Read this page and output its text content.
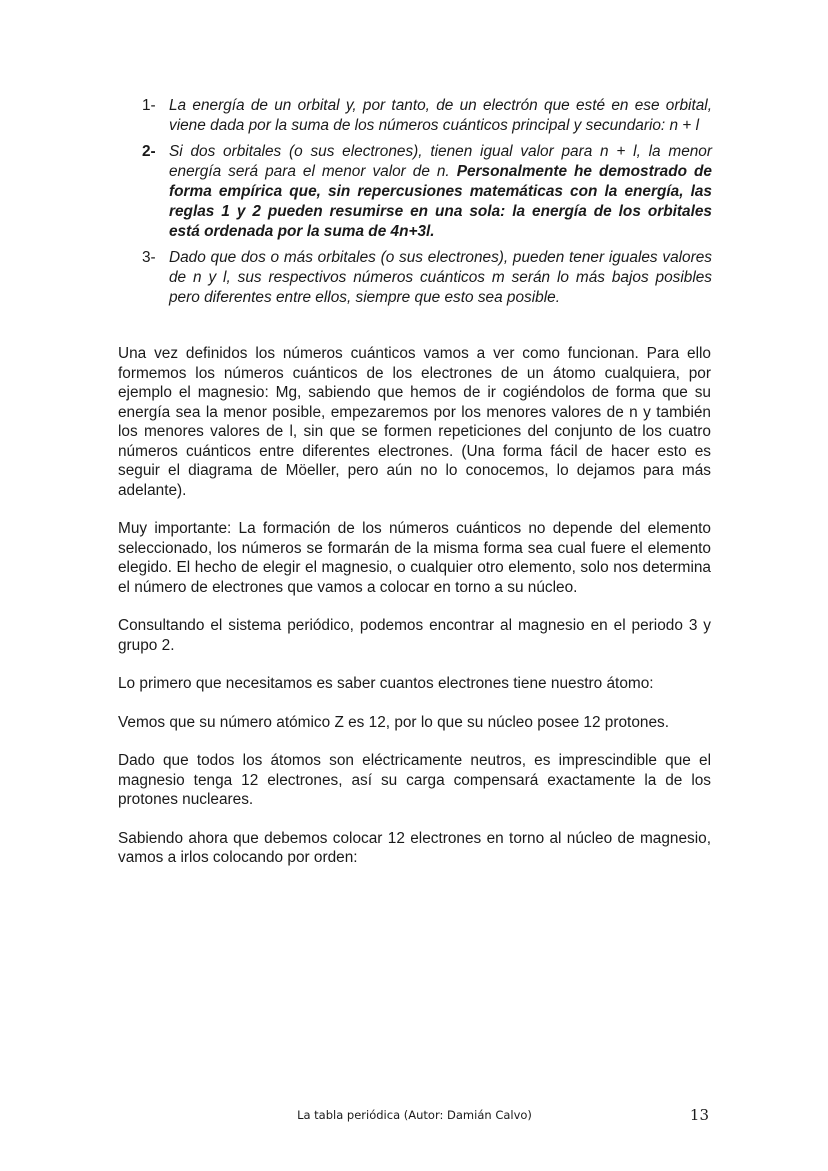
1- La energía de un orbital y, por tanto, de un electrón que esté en ese orbital, viene dada por la suma de los números cuánticos principal y secundario: n + l
2- Si dos orbitales (o sus electrones), tienen igual valor para n + l, la menor energía será para el menor valor de n. Personalmente he demostrado de forma empírica que, sin repercusiones matemáticas con la energía, las reglas 1 y 2 pueden resumirse en una sola: la energía de los orbitales está ordenada por la suma de 4n+3l.
3- Dado que dos o más orbitales (o sus electrones), pueden tener iguales valores de n y l, sus respectivos números cuánticos m serán lo más bajos posibles pero diferentes entre ellos, siempre que esto sea posible.

Una vez definidos los números cuánticos vamos a ver como funcionan. Para ello formemos los números cuánticos de los electrones de un átomo cualquiera, por ejemplo el magnesio: Mg, sabiendo que hemos de ir cogiéndolos de forma que su energía sea la menor posible, empezaremos por los menores valores de n y también los menores valores de l, sin que se formen repeticiones del conjunto de los cuatro números cuánticos entre diferentes electrones. (Una forma fácil de hacer esto es seguir el diagrama de Möeller, pero aún no lo conocemos, lo dejamos para más adelante).

Muy importante: La formación de los números cuánticos no depende del elemento seleccionado, los números se formarán de la misma forma sea cual fuere el elemento elegido. El hecho de elegir el magnesio, o cualquier otro elemento, solo nos determina el número de electrones que vamos a colocar en torno a su núcleo.

Consultando el sistema periódico, podemos encontrar al magnesio en el periodo 3 y grupo 2.

Lo primero que necesitamos es saber cuantos electrones tiene nuestro átomo:

Vemos que su número atómico Z es 12, por lo que su núcleo posee 12 protones.

Dado que todos los átomos son eléctricamente neutros, es imprescindible que el magnesio tenga 12 electrones, así su carga compensará exactamente la de los protones nucleares.

Sabiendo ahora que debemos colocar 12 electrones en torno al núcleo de magnesio, vamos a irlos colocando por orden:

La tabla periódica (Autor: Damián Calvo)	13
